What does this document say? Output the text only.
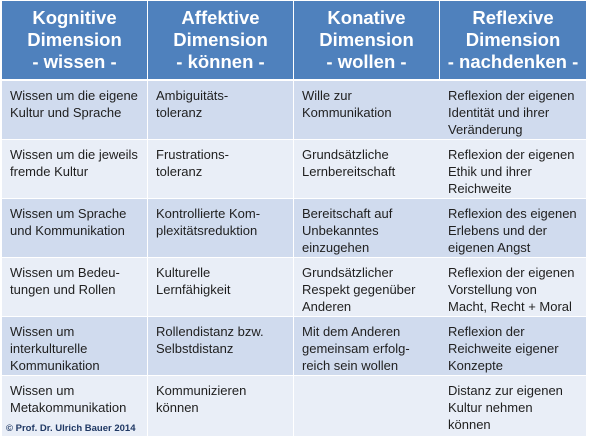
Kognitive
Dimension
- wissen -
Affektive
Dimension
- können -
Konative
Dimension
- wollen -
Reflexive
Dimension
- nachdenken -
Wissen um die eigene
Kultur und Sprache
Ambiguitäts-
toleranz
Wille zur
Kommunikation
Reflexion der eigenen
Identität und ihrer
Veränderung
Wissen um die jeweils
fremde Kultur
Frustrations-
toleranz
Grundsätzliche
Lernbereitschaft
Reflexion der eigenen
Ethik und ihrer
Reichweite
Wissen um Sprache
und Kommunikation
Kontrollierte Kom-
plexitätsreduktion
Bereitschaft auf
Unbekanntes
einzugehen
Reflexion des eigenen
Erlebens und der
eigenen Angst
Wissen um Bedeu-
tungen und Rollen
Kulturelle
Lernfähigkeit
Grundsätzlicher
Respekt gegenüber
Anderen
Reflexion der eigenen
Vorstellung von
Macht, Recht + Moral
Wissen um
interkulturelle
Kommunikation
Rollendistanz bzw.
Selbstdistanz
Mit dem Anderen
gemeinsam erfolg-
reich sein wollen
Reflexion der
Reichweite eigener
Konzepte
Wissen um
Metakommunikation
Kommunizieren
können
Distanz zur eigenen
Kultur nehmen
können
© Prof. Dr. Ulrich Bauer 2014
